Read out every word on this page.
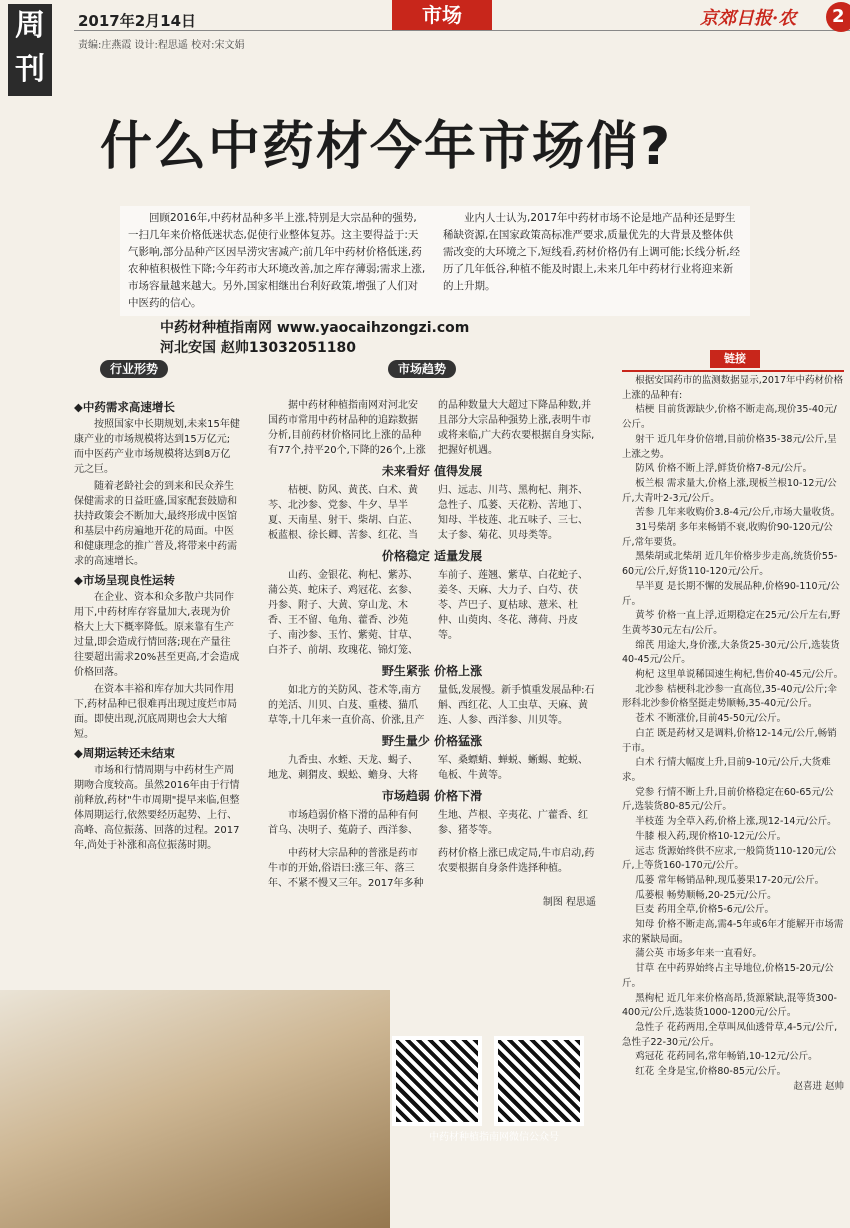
周刊
2017年2月14日
责编:庄燕霞 设计:程思遥 校对:宋文娟
市场	京郊日报·农	2
什么中药材今年市场俏?

回顾2016年,中药材品种多半上涨,特别是大宗品种的强势,一扫几年来价格低迷状态,促使行业整体复苏。这主要得益于:天气影响,部分品种产区因旱涝灾害减产;前几年中药材价格低迷,药农种植积极性下降;今年药市大环境改善,加之库存薄弱;需求上涨,市场容量越来越大。另外,国家相继出台利好政策,增强了人们对中医药的信心。

业内人士认为,2017年中药材市场不论是地产品种还是野生稀缺资源,在国家政策高标准严要求,质量优先的大背景及整体供需改变的大环境之下,短线看,药材价格仍有上调可能;长线分析,经历了几年低谷,种植不能及时跟上,未来几年中药材行业将迎来新的上升期。

中药材种植指南网 www.yaocaihzongzi.com
河北安国 赵帅13032051180
行业形势	市场趋势
链接
◆中药需求高速增长

按照国家中长期规划,未来15年健康产业的市场规模将达到15万亿元;而中医药产业市场规模将达到8万亿元之巨。

随着老龄社会的到来和民众养生保健需求的日益旺盛,国家配套鼓励和扶持政策会不断加大,最终形成中医馆和基层中药房遍地开花的局面。中医和健康理念的推广普及,将带来中药需求的高速增长。

◆市场呈现良性运转

在企业、资本和众多散户共同作用下,中药材库存容量加大,表现为价格大上大下概率降低。原来靠有生产过量,即会造成行情回落;现在产量往往要超出需求20%甚至更高,才会造成价格回落。

在资本丰裕和库存加大共同作用下,药材品种已很难再出现过度烂市局面。即使出现,沉底周期也会大大缩短。

◆周期运转还未结束

市场和行情周期与中药材生产周期吻合度较高。虽然2016年由于行情前释放,药材"牛市周期"提早来临,但整体周期运行,依然要经历起势、上行、高峰、高位振荡、回落的过程。2017年,尚处于补涨和高位振荡时期。

据中药材种植指南网对河北安国药市常用中药材品种的追踪数据分析,目前药材价格同比上涨的品种有77个,持平20个,下降的26个,上涨的品种数量大大超过下降品种数,并且部分大宗品种强势上涨,表明牛市或将来临,广大药农要根据自身实际,把握好机遇。

未来看好 值得发展

桔梗、防风、黄芪、白术、黄芩、北沙参、党参、牛夕、旱半夏、天南星、射干、柴胡、白芷、板蓝根、徐长卿、苦参、红花、当归、远志、川芎、黑枸杞、荆芥、急性子、瓜蒌、天花粉、苦地丁、知母、半枝莲、北五味子、三七、太子参、菊花、贝母类等。

价格稳定 适量发展

山药、金银花、枸杞、紫苏、蒲公英、蛇床子、鸡冠花、玄参、丹参、附子、大黄、穿山龙、木香、王不留、龟角、藿香、沙苑子、南沙参、玉竹、紫菀、甘草、白芥子、前胡、玫瑰花、锦灯笼、车前子、莲翘、紫草、白花蛇子、姜冬、天麻、大力子、白芍、茯苓、芦巴子、夏枯球、薏米、杜仲、山萸肉、冬花、薄荷、丹皮等。

野生紧张 价格上涨

如北方的关防风、苍术等,南方的羌活、川贝、白芨、重楼、猫爪草等,十几年来一直价高、价涨,且产量低,发展慢。新手慎重发展品种:石斛、西红花、人工虫草、天麻、黄连、人参、西洋参、川贝等。

野生量少 价格猛涨

九香虫、水蛭、天龙、蝎子、地龙、刺猬皮、蜈蚣、蟾身、大将军、桑螵蛸、蝉蜕、蜥蜴、蛇蜕、龟板、牛黄等。

市场趋弱 价格下滑

市场趋弱价格下滑的品种有何首乌、决明子、菟蔚子、西洋参、生地、芦根、辛夷花、广藿香、红参、猪苓等。

中药材大宗品种的普涨是药市牛市的开始,俗语曰:涨三年、落三年、不紧不慢又三年。2017年多种药材价格上涨已成定局,牛市启动,药农要根据自身条件选择种植。

制图 程思遥

根据安国药市的监测数据显示,2017年中药材价格上涨的品种有:

桔梗 目前货源缺少,价格不断走高,现价35-40元/公斤。

射干 近几年身价倍增,目前价格35-38元/公斤,呈上涨之势。

防风 价格不断上浮,鲜货价格7-8元/公斤。

板兰根 需求量大,价格上涨,现板兰根10-12元/公斤,大青叶2-3元/公斤。

苦参 几年来收购价3.8-4元/公斤,市场大量收货。

31号柴胡 多年来畅销不衰,收购价90-120元/公斤,常年要货。

黑柴胡或北柴胡 近几年价格步步走高,统货价55-60元/公斤,好货110-120元/公斤。

旱半夏 是长期不懈的发展品种,价格90-110元/公斤。

黄芩 价格一直上浮,近期稳定在25元/公斤左右,野生黄芩30元左右/公斤。

绵芪 用途大,身价涨,大条货25-30元/公斤,选装货40-45元/公斤。

枸杞 这里单说稀国速生枸杞,售价40-45元/公斤。

北沙参 桔梗科北沙参一直高位,35-40元/公斤;伞形科北沙参价格坚挺走势顺畅,35-40元/公斤。

苍术 不断涨价,目前45-50元/公斤。

白芷 既是药材又是调料,价格12-14元/公斤,畅销于市。

白术 行情大幅度上升,目前9-10元/公斤,大货难求。

党参 行情不断上升,目前价格稳定在60-65元/公斤,选装货80-85元/公斤。

半枝莲 为全草入药,价格上涨,现12-14元/公斤。

牛膝 根入药,现价格10-12元/公斤。

远志 货源始终供不应求,一般筒货110-120元/公斤,上等货160-170元/公斤。

瓜蒌 常年畅销品种,现瓜蒌果17-20元/公斤。

瓜蒌根 畅势顺畅,20-25元/公斤。

巨麦 药用全草,价格5-6元/公斤。

知母 价格不断走高,需4-5年或6年才能解开市场需求的紧缺局面。

蒲公英 市场多年来一直看好。

甘草 在中药界始终占主导地位,价格15-20元/公斤。

黑枸杞 近几年来价格高昂,货源紧缺,混等货300-400元/公斤,选装货1000-1200元/公斤。

急性子 花药两用,全草叫凤仙透骨草,4-5元/公斤,急性子22-30元/公斤。

鸡冠花 花药同名,常年畅销,10-12元/公斤。

红花 全身是宝,价格80-85元/公斤。

赵喜进 赵帅

中药材种植指南网微信公众号
